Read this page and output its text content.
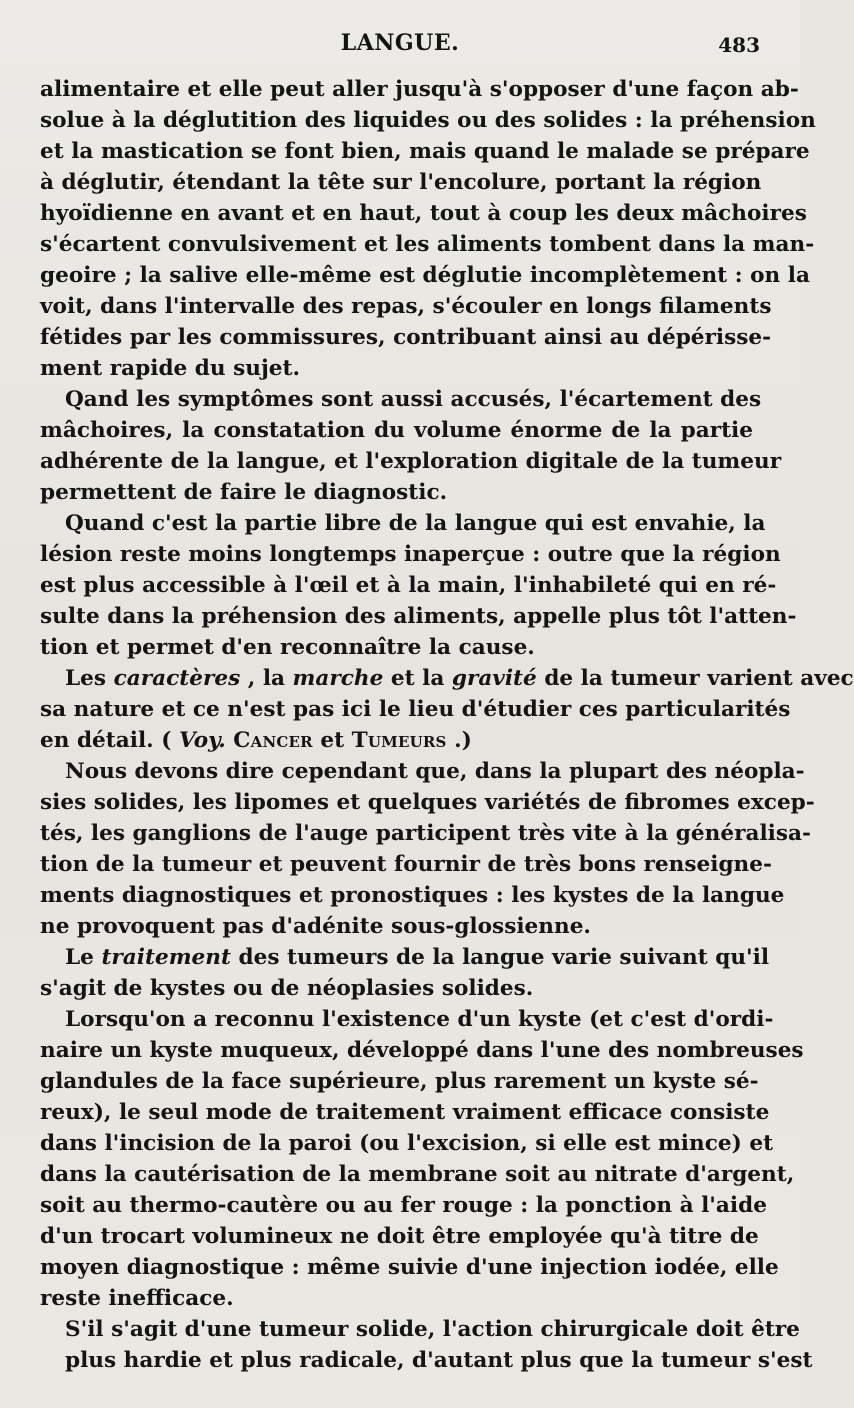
LANGUE.	483
alimentaire et elle peut aller jusqu'à s'opposer d'une façon ab-
solue à la déglutition des liquides ou des solides : la préhension
et la mastication se font bien, mais quand le malade se prépare
à déglutir, étendant la tête sur l'encolure, portant la région
hyoïdienne en avant et en haut, tout à coup les deux mâchoires
s'écartent convulsivement et les aliments tombent dans la man-
geoire ; la salive elle-même est déglutie incomplètement : on la
voit, dans l'intervalle des repas, s'écouler en longs filaments
fétides par les commissures, contribuant ainsi au dépérisse-
ment rapide du sujet.
Qand les symptômes sont aussi accusés, l'écartement des
mâchoires, la constatation du volume énorme de la partie
adhérente de la langue, et l'exploration digitale de la tumeur
permettent de faire le diagnostic.
Quand c'est la partie libre de la langue qui est envahie, la
lésion reste moins longtemps inaperçue : outre que la région
est plus accessible à l'œil et à la main, l'inhabileté qui en ré-
sulte dans la préhension des aliments, appelle plus tôt l'atten-
tion et permet d'en reconnaître la cause.
Les caractères , la marche et la gravité de la tumeur varient avec
sa nature et ce n'est pas ici le lieu d'étudier ces particularités
en détail. ( Voy. Cancer et Tumeurs .)
Nous devons dire cependant que, dans la plupart des néopla-
sies solides, les lipomes et quelques variétés de fibromes excep-
tés, les ganglions de l'auge participent très vite à la généralisa-
tion de la tumeur et peuvent fournir de très bons renseigne-
ments diagnostiques et pronostiques : les kystes de la langue
ne provoquent pas d'adénite sous-glossienne.
Le traitement des tumeurs de la langue varie suivant qu'il
s'agit de kystes ou de néoplasies solides.
Lorsqu'on a reconnu l'existence d'un kyste (et c'est d'ordi-
naire un kyste muqueux, développé dans l'une des nombreuses
glandules de la face supérieure, plus rarement un kyste sé-
reux), le seul mode de traitement vraiment efficace consiste
dans l'incision de la paroi (ou l'excision, si elle est mince) et
dans la cautérisation de la membrane soit au nitrate d'argent,
soit au thermo-cautère ou au fer rouge : la ponction à l'aide
d'un trocart volumineux ne doit être employée qu'à titre de
moyen diagnostique : même suivie d'une injection iodée, elle
reste inefficace.
S'il s'agit d'une tumeur solide, l'action chirurgicale doit être
plus hardie et plus radicale, d'autant plus que la tumeur s'est
